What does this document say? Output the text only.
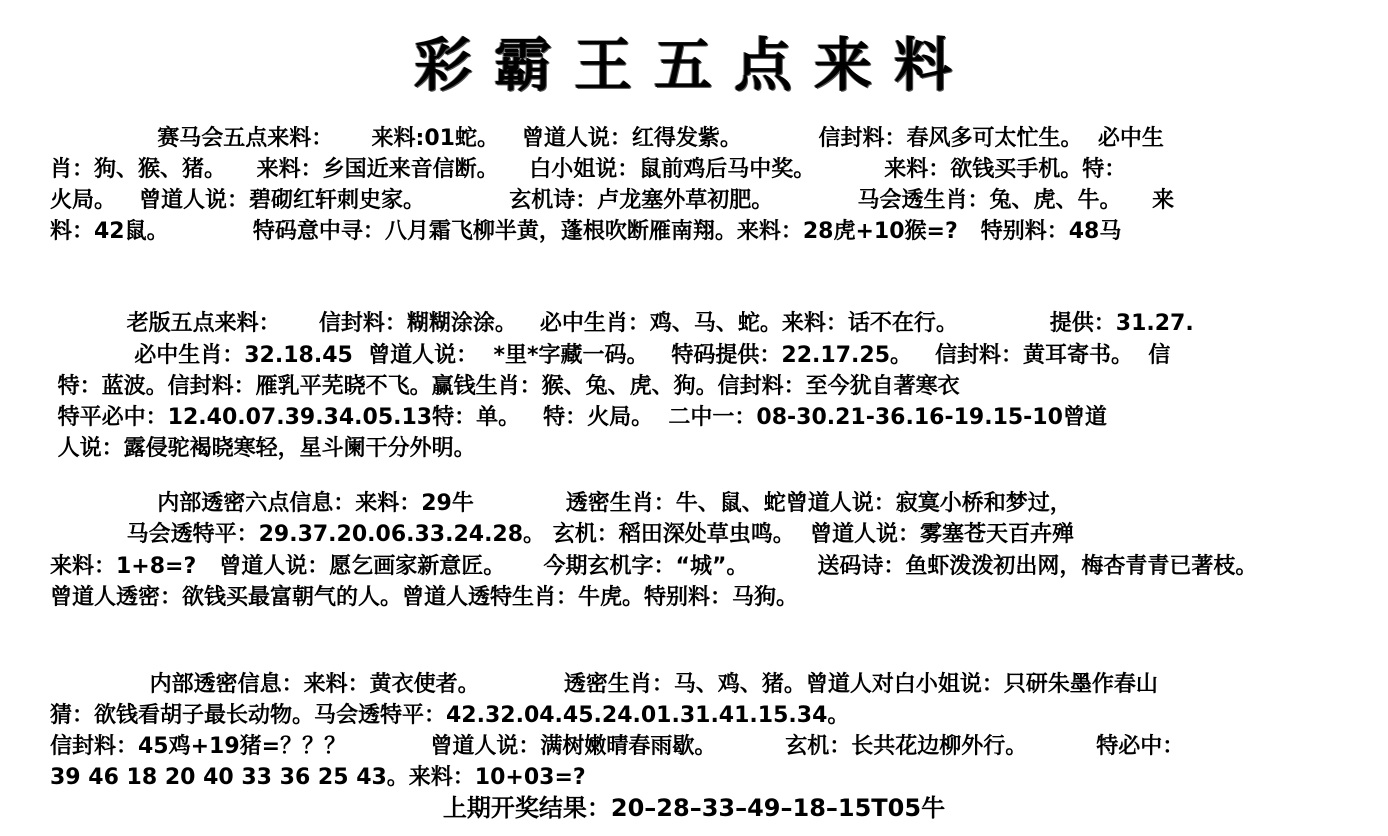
彩霸王五点来料
赛马会五点来料：     来料:01蛇。   曾道人说：红得发紫。          信封料：春风多可太忙生。  必中生
肖：狗、猴、猪。    来料：乡国近来音信断。    白小姐说：鼠前鸡后马中奖。         来料：欲钱买手机。特：
火局。   曾道人说：碧砌红轩刺史家。           玄机诗：卢龙塞外草初肥。           马会透生肖：兔、虎、牛。    来
料：42鼠。           特码意中寻：八月霜飞柳半黄，蓬根吹断雁南翔。来料：28虎+10猴=?   特别料：48马
老版五点来料：     信封料：糊糊涂涂。   必中生肖：鸡、马、蛇。来料：话不在行。            提供：31.27.
必中生肖：32.18.45  曾道人说：  *里*字藏一码。   特码提供：22.17.25。   信封料：黄耳寄书。  信
特：蓝波。信封料：雁乳平芜晓不飞。赢钱生肖：猴、兔、虎、狗。信封料：至今犹自著寒衣
特平必中：12.40.07.39.34.05.13特：单。   特：火局。  二中一：08-30.21-36.16-19.15-10曾道
人说：露侵驼褐晓寒轻，星斗阑干分外明。
内部透密六点信息：来料：29牛            透密生肖：牛、鼠、蛇曾道人说：寂寞小桥和梦过，
马会透特平：29.37.20.06.33.24.28。 玄机：稻田深处草虫鸣。  曾道人说：雾塞苍天百卉殚
来料：1+8=?   曾道人说：愿乞画家新意匠。     今期玄机字：“城”。         送码诗：鱼虾泼泼初出网，梅杏青青已著枝。
曾道人透密：欲钱买最富朝气的人。曾道人透特生肖：牛虎。特别料：马狗。
内部透密信息：来料：黄衣使者。           透密生肖：马、鸡、猪。曾道人对白小姐说：只研朱墨作春山
猜：欲钱看胡子最长动物。马会透特平：42.32.04.45.24.01.31.41.15.34。
信封料：45鸡+19猪=？？？           曾道人说：满树嫩晴春雨歇。         玄机：长共花边柳外行。         特必中：
39 46 18 20 40 33 36 25 43。来料：10+03=?
上期开奖结果：20–28–33–49–18–15T05牛
